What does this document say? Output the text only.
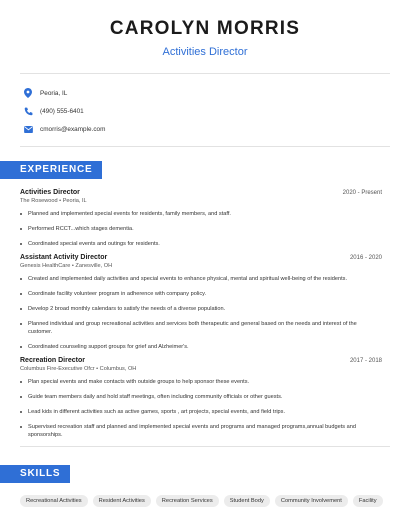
CAROLYN MORRIS
Activities Director
Peoria, IL
(490) 555-6401
cmorris@example.com
EXPERIENCE
Activities Director	2020 - Present
The Rosewood • Peoria, IL
Planned and implemented special events for residents, family members, and staff.
Performed RCCT...which stages dementia.
Coordinated special events and outings for residents.
Assistant Activity Director	2016 - 2020
Genesis HealthCare • Zanesville, OH
Created and implemented daily activities and special events to enhance physical, mental and spiritual well-being of the residents.
Coordinate facility volunteer program in adherence with company policy.
Develop 2 broad monthly calendars to satisfy the needs of a diverse population.
Planned individual and group recreational activities and services both therapeutic and general based on the needs and interest of the customer.
Coordinated counseling support groups for grief and Alzheimer's.
Recreation Director	2017 - 2018
Columbus Fire-Executive Ofcr • Columbus, OH
Plan special events and make contacts with outside groups to help sponsor these events.
Guide team members daily and hold staff meetings, often including community officials or other guests.
Lead kids in different activities such as active games, sports , art projects, special events, and field trips.
Supervised recreation staff and planned and implemented special events and programs and managed programs,annual budgets and sponsorships.
SKILLS
Recreational Activities	Resident Activities	Recreation Services	Student Body	Community Involvement	Facility
